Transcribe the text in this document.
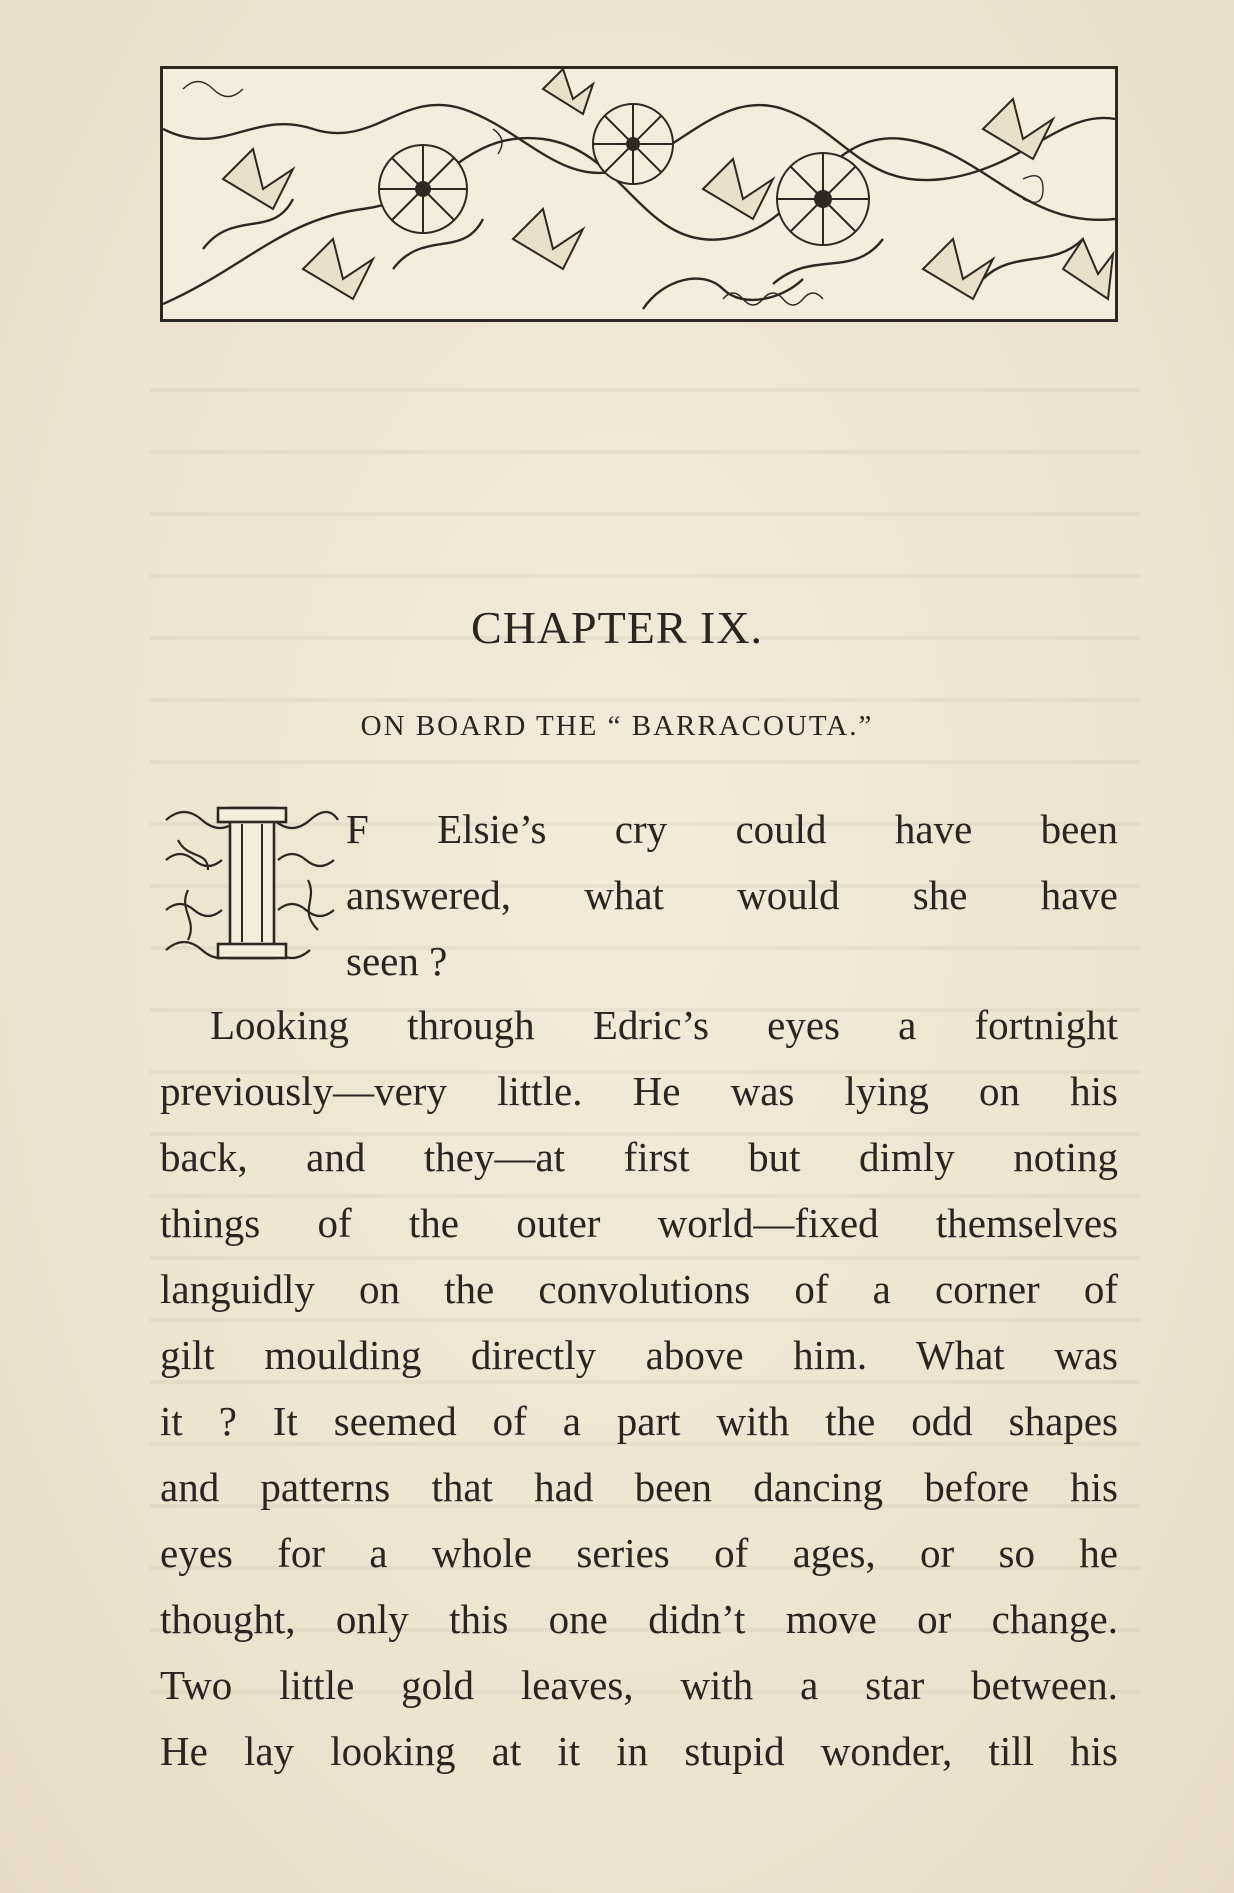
CHAPTER IX.
ON BOARD THE “ BARRACOUTA.”
F Elsie’s cry could have been
answered, what would she have
seen ?
Looking through Edric’s eyes a fortnight
previously—very little. He was lying on his
back, and they—at first but dimly noting
things of the outer world—fixed themselves
languidly on the convolutions of a corner of
gilt moulding directly above him. What was
it ? It seemed of a part with the odd shapes
and patterns that had been dancing before his
eyes for a whole series of ages, or so he
thought, only this one didn’t move or change.
Two little gold leaves, with a star between.
He lay looking at it in stupid wonder, till his
